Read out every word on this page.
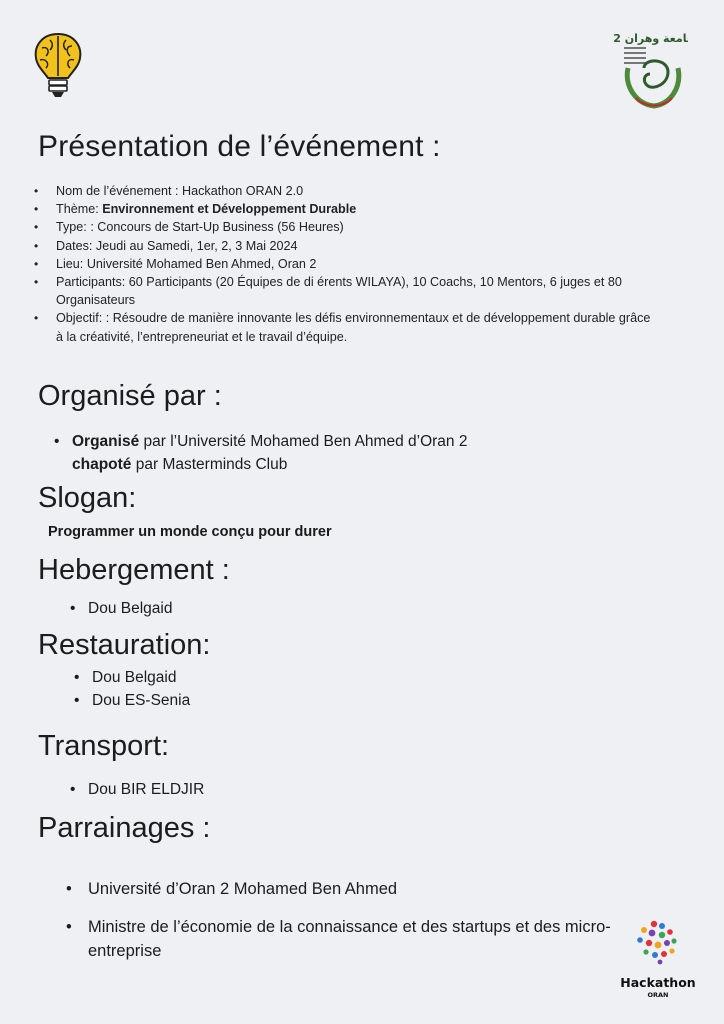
جامعة وهران 2
Présentation de l’événement :
• Nom de l’événement : Hackathon ORAN 2.0
• Thème: Environnement et Développement Durable
• Type: : Concours de Start-Up Business (56 Heures)
• Dates: Jeudi au Samedi, 1er, 2, 3 Mai 2024
• Lieu: Université Mohamed Ben Ahmed, Oran 2
• Participants: 60 Participants (20 Équipes de di érents WILAYA), 10 Coachs, 10 Mentors, 6 juges et 80 Organisateurs
• Objectif: : Résoudre de manière innovante les défis environnementaux et de développement durable grâce à la créativité, l’entrepreneuriat et le travail d’équipe.
Organisé par :
• Organisé par l’Université Mohamed Ben Ahmed d’Oran 2
chapoté par Masterminds Club
Slogan:
Programmer un monde conçu pour durer
Hebergement :
• Dou Belgaid
Restauration:
• Dou Belgaid
• Dou ES-Senia
Transport:
• Dou BIR ELDJIR
Parrainages :
• Université d’Oran 2 Mohamed Ben Ahmed
• Ministre de l’économie de la connaissance et des startups et des micro-entreprise
Hackathon
ORAN
